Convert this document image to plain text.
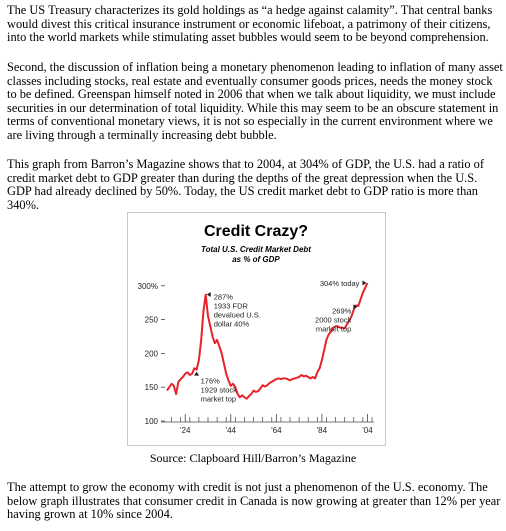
The US Treasury characterizes its gold holdings as “a hedge against calamity”. That central banks would divest this critical insurance instrument or economic lifeboat, a patrimony of their citizens, into the world markets while stimulating asset bubbles would seem to be beyond comprehension.

Second, the discussion of inflation being a monetary phenomenon leading to inflation of many asset classes including stocks, real estate and eventually consumer goods prices, needs the money stock to be defined. Greenspan himself noted in 2006 that when we talk about liquidity, we must include securities in our determination of total liquidity. While this may seem to be an obscure statement in terms of conventional monetary views, it is not so especially in the current environment where we are living through a terminally increasing debt bubble.

This graph from Barron’s Magazine shows that to 2004, at 304% of GDP, the U.S. had a ratio of credit market debt to GDP greater than during the depths of the great depression when the U.S. GDP had already declined by 50%. Today, the US credit market debt to GDP ratio is more than 340%.

Credit Crazy?
Total U.S. Credit Market Debt
as % of GDP
300%
250
200
150
100
'24	'44	'64	'84	'04
287%
1933 FDR
devalued U.S.
dollar 40%
176%
1929 stock
market top
269%
2000 stock
market top
304% today
Source: Clapboard Hill/Barron’s Magazine

The attempt to grow the economy with credit is not just a phenomenon of the U.S. economy. The below graph illustrates that consumer credit in Canada is now growing at greater than 12% per year having grown at 10% since 2004.
